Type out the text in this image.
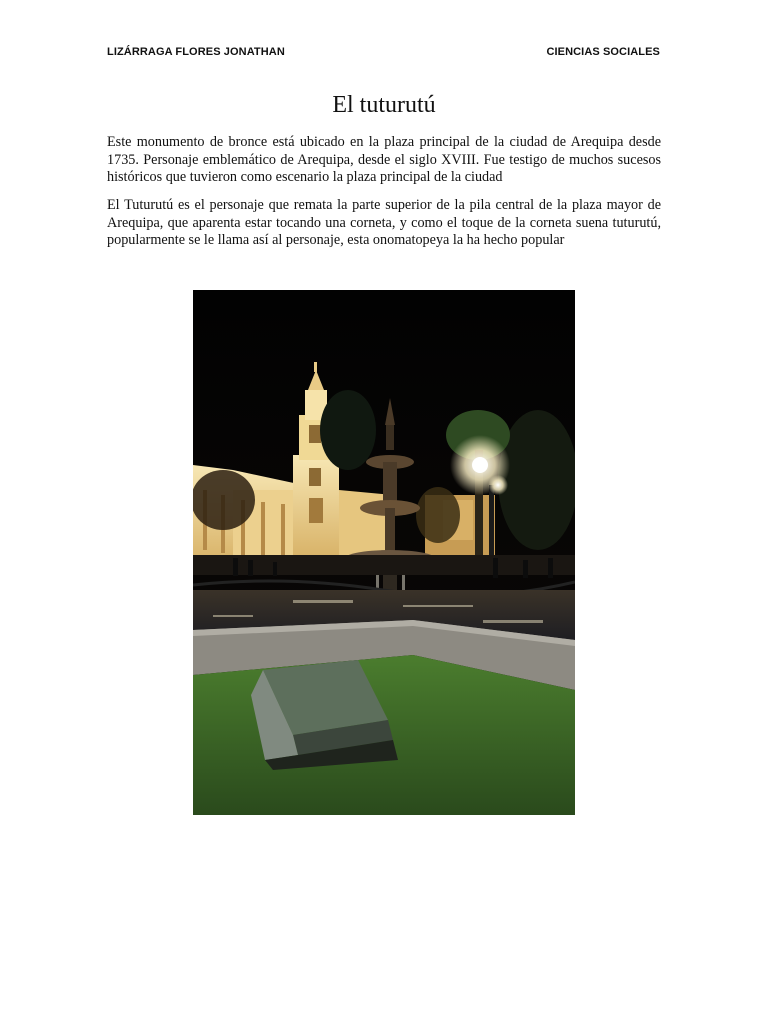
LIZÁRRAGA FLORES JONATHAN	CIENCIAS SOCIALES
El tuturutú
Este monumento de bronce está ubicado en la plaza principal de la ciudad de Arequipa desde 1735. Personaje emblemático de Arequipa, desde el siglo XVIII. Fue testigo de muchos sucesos históricos que tuvieron como escenario la plaza principal de la ciudad
El Tuturutú es el personaje que remata la parte superior de la pila central de la plaza mayor de Arequipa, que aparenta estar tocando una corneta, y como el toque de la corneta suena tuturutú, popularmente se le llama así al personaje, esta onomatopeya la ha hecho popular
